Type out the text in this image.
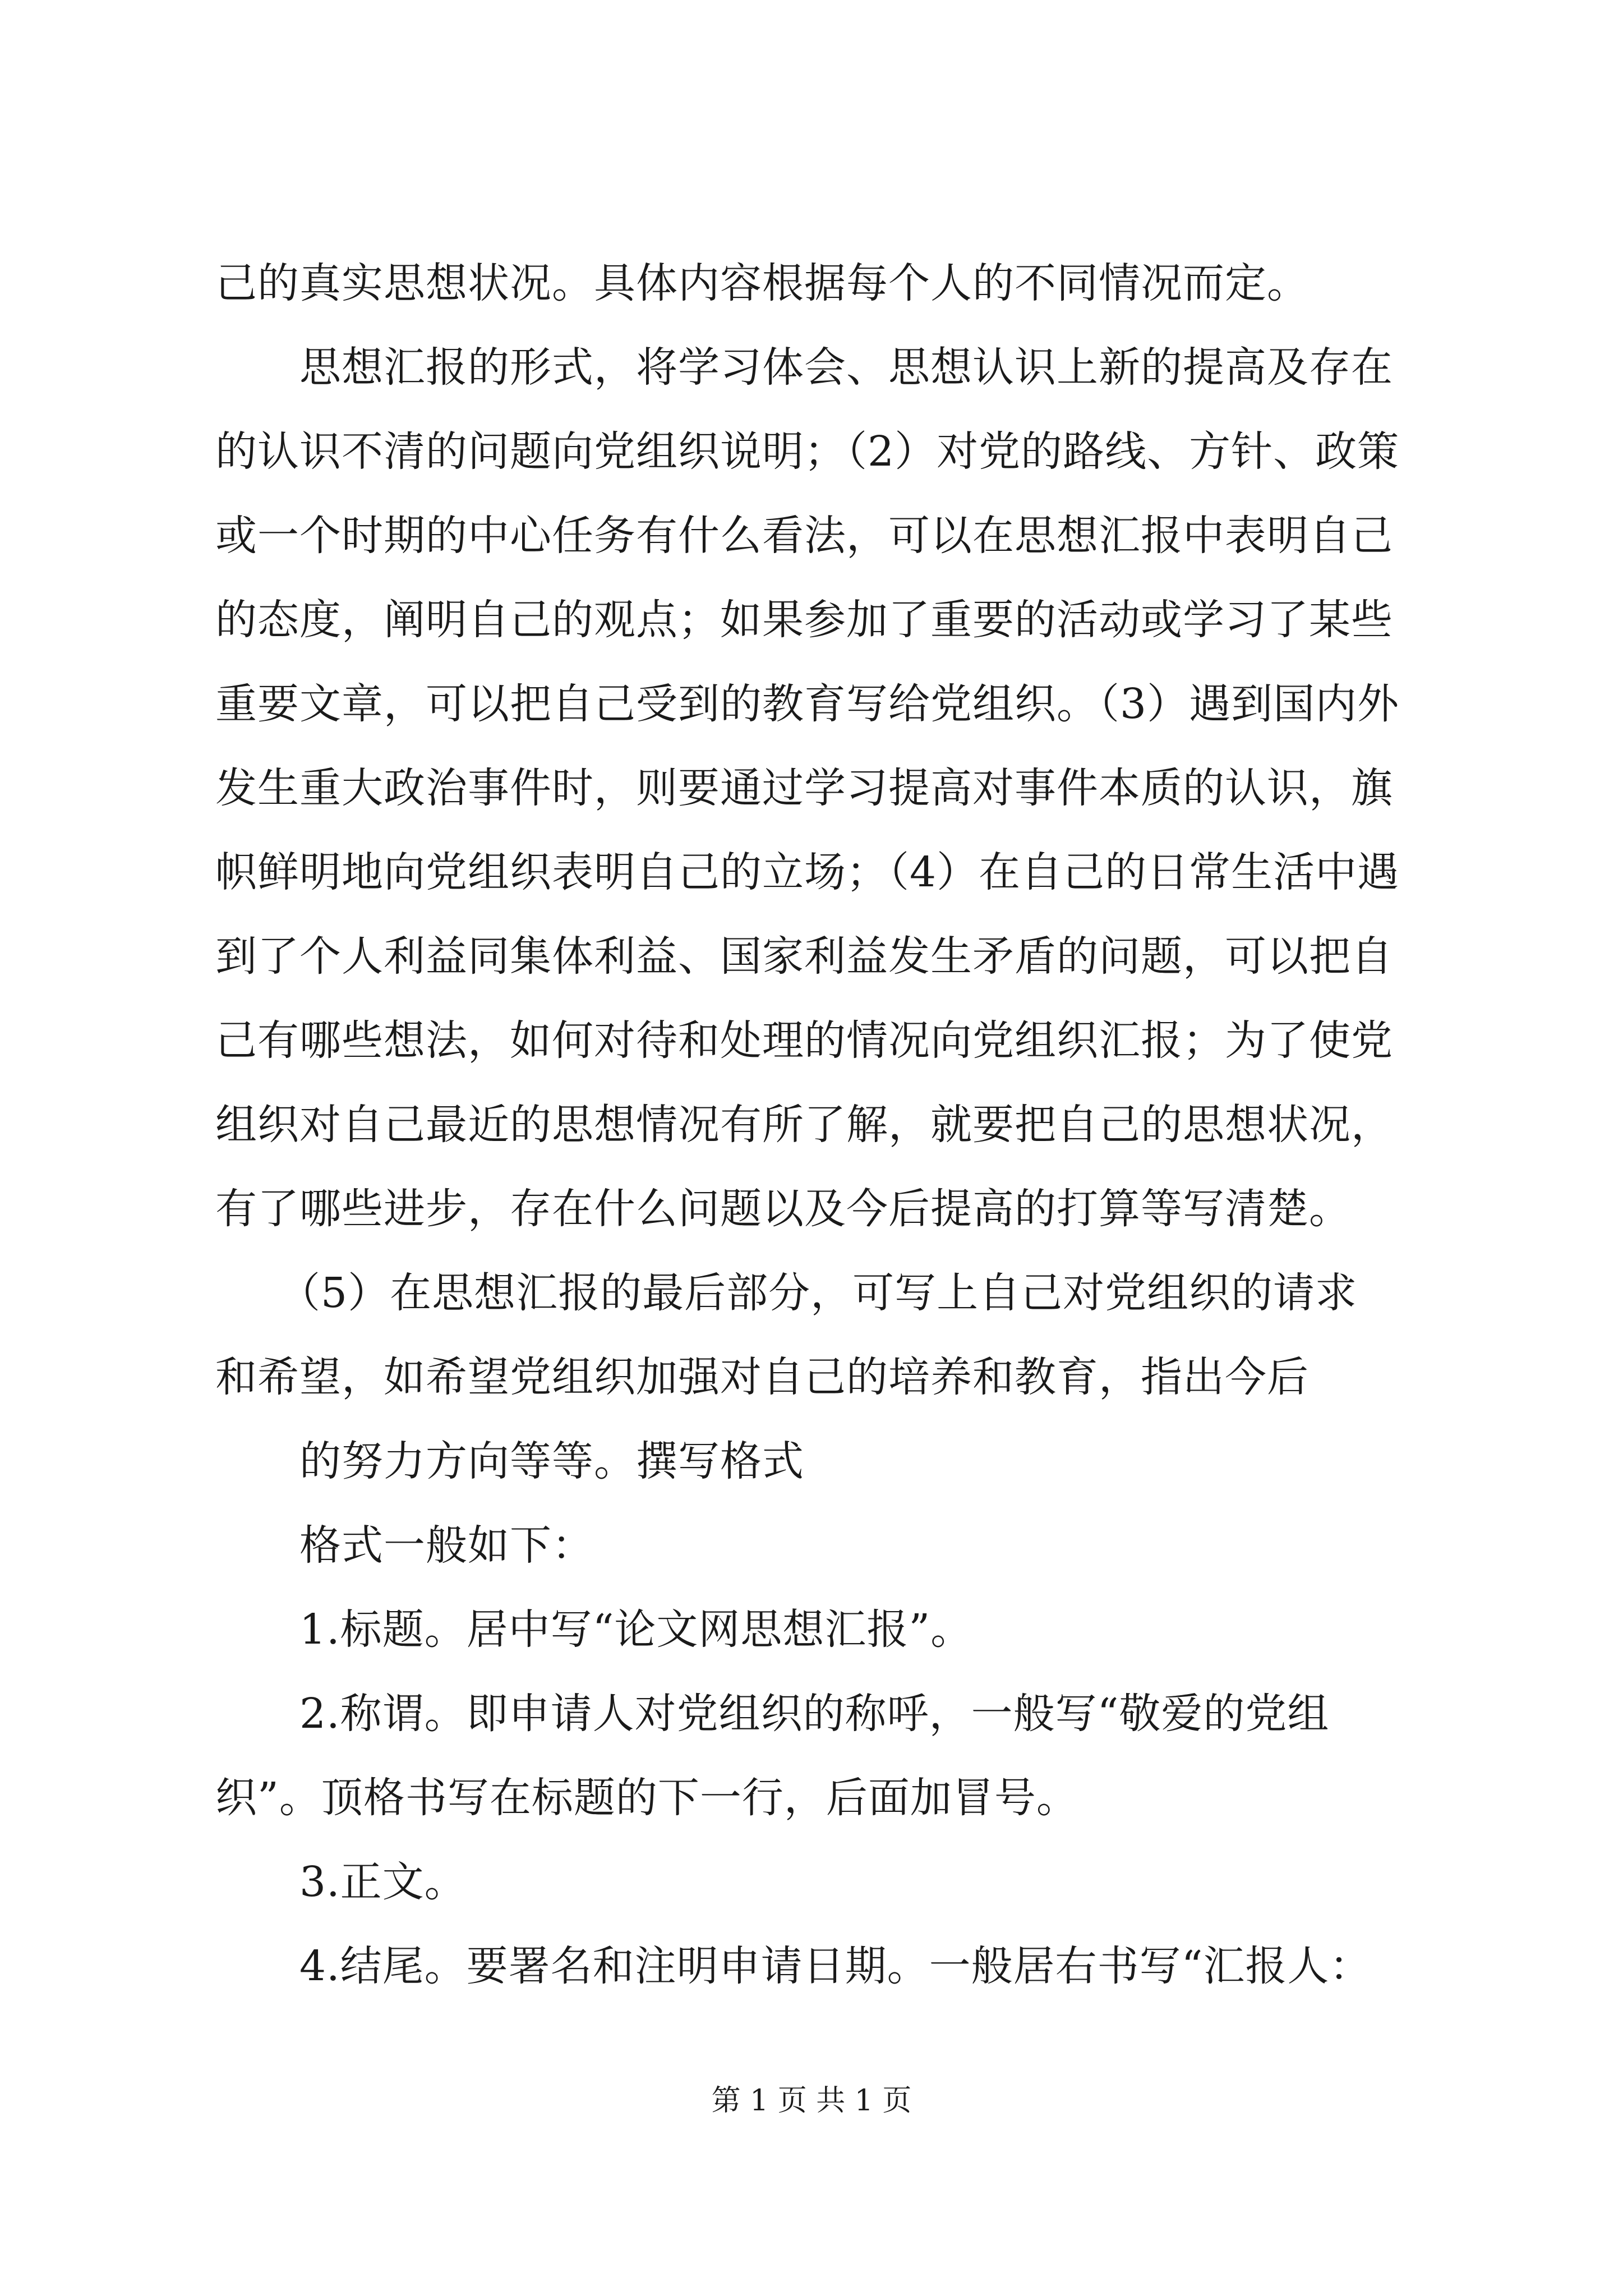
己的真实思想状况。具体内容根据每个人的不同情况而定。
　　思想汇报的形式，将学习体会、思想认识上新的提高及存在
的认识不清的问题向党组织说明；（2）对党的路线、方针、政策
或一个时期的中心任务有什么看法，可以在思想汇报中表明自己
的态度，阐明自己的观点；如果参加了重要的活动或学习了某些
重要文章，可以把自己受到的教育写给党组织。（3）遇到国内外
发生重大政治事件时，则要通过学习提高对事件本质的认识，旗
帜鲜明地向党组织表明自己的立场；（4）在自己的日常生活中遇
到了个人利益同集体利益、国家利益发生矛盾的问题，可以把自
己有哪些想法，如何对待和处理的情况向党组织汇报；为了使党
组织对自己最近的思想情况有所了解，就要把自己的思想状况，
有了哪些进步，存在什么问题以及今后提高的打算等写清楚。
　　（5）在思想汇报的最后部分，可写上自己对党组织的请求
和希望，如希望党组织加强对自己的培养和教育，指出今后
　　的努力方向等等。撰写格式
　　格式一般如下：
　　1.标题。居中写“论文网思想汇报”。
　　2.称谓。即申请人对党组织的称呼，一般写“敬爱的党组
织”。顶格书写在标题的下一行，后面加冒号。
　　3.正文。
　　4.结尾。要署名和注明申请日期。一般居右书写“汇报人：
第 1 页 共 1 页
